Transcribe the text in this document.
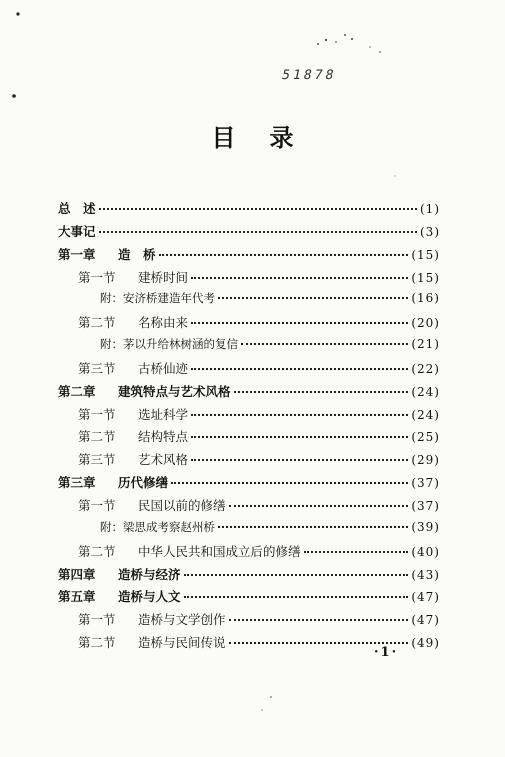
51878
目录
总　述	(1)
大事记	(3)
第一章 造　桥	(15)
第一节 建桥时间	(15)
附：安济桥建造年代考	(16)
第二节 名称由来	(20)
附：茅以升给林树涵的复信	(21)
第三节 古桥仙迹	(22)
第二章 建筑特点与艺术风格	(24)
第一节 选址科学	(24)
第二节 结构特点	(25)
第三节 艺术风格	(29)
第三章 历代修缮	(37)
第一节 民国以前的修缮	(37)
附：梁思成考察赵州桥	(39)
第二节 中华人民共和国成立后的修缮	(40)
第四章 造桥与经济	(43)
第五章 造桥与人文	(47)
第一节 造桥与文学创作	(47)
第二节 造桥与民间传说	(49)
·1·
